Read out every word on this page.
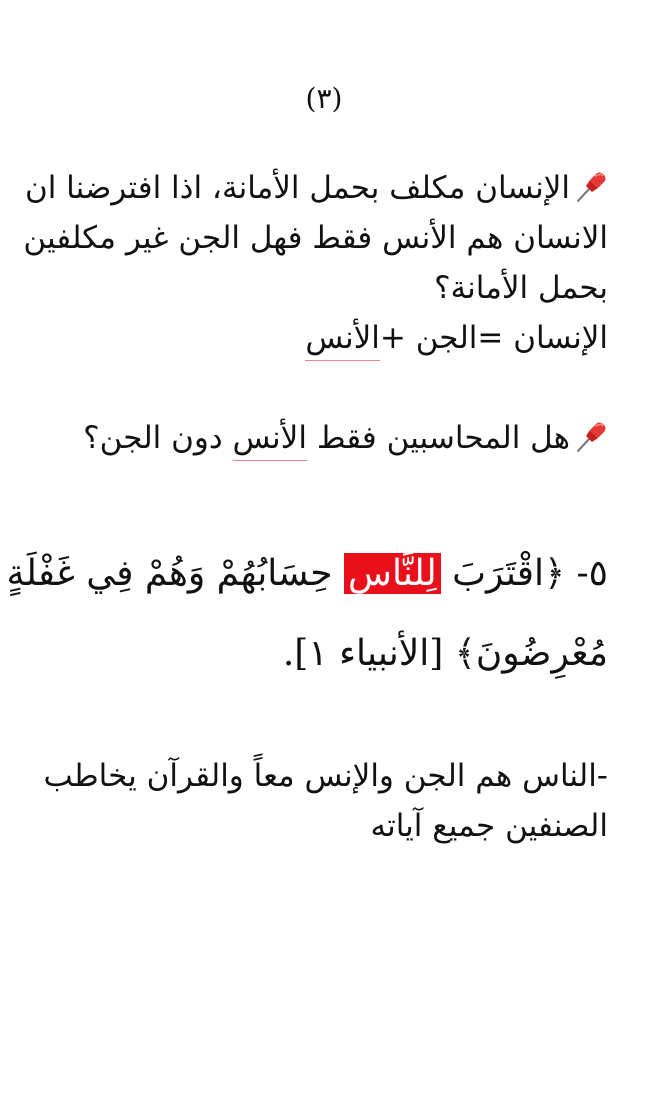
(٣)
الإنسان مكلف بحمل الأمانة، اذا افترضنا ان
الانسان هم الأنس فقط فهل الجن غير مكلفين
بحمل الأمانة؟
الإنسان =الجن +الأنس
هل المحاسبين فقط الأنس دون الجن؟
٥- ﴿اقْتَرَبَ لِلنَّاسِ حِسَابُهُمْ وَهُمْ فِي غَفْلَةٍ
مُعْرِضُونَ﴾ [الأنبياء ١].
-الناس هم الجن والإنس معاً والقرآن يخاطب
الصنفين جميع آياته
